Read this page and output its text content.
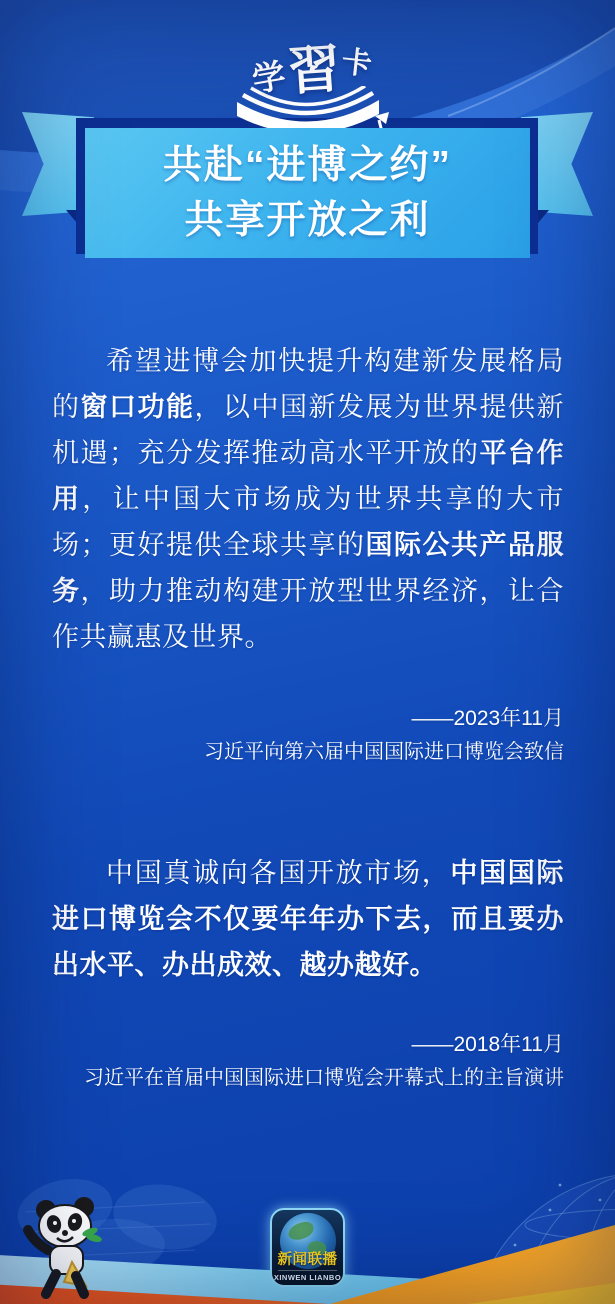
学
習
卡
共赴“进博之约”
共享开放之利
希望进博会加快提升构建新发展格局的窗口功能，以中国新发展为世界提供新机遇；充分发挥推动高水平开放的平台作用，让中国大市场成为世界共享的大市场；更好提供全球共享的国际公共产品服务，助力推动构建开放型世界经济，让合作共赢惠及世界。
——2023年11月
习近平向第六届中国国际进口博览会致信
中国真诚向各国开放市场，中国国际进口博览会不仅要年年办下去，而且要办出水平、办出成效、越办越好。
——2018年11月
习近平在首届中国国际进口博览会开幕式上的主旨演讲
新闻联播
XINWEN LIANBO
